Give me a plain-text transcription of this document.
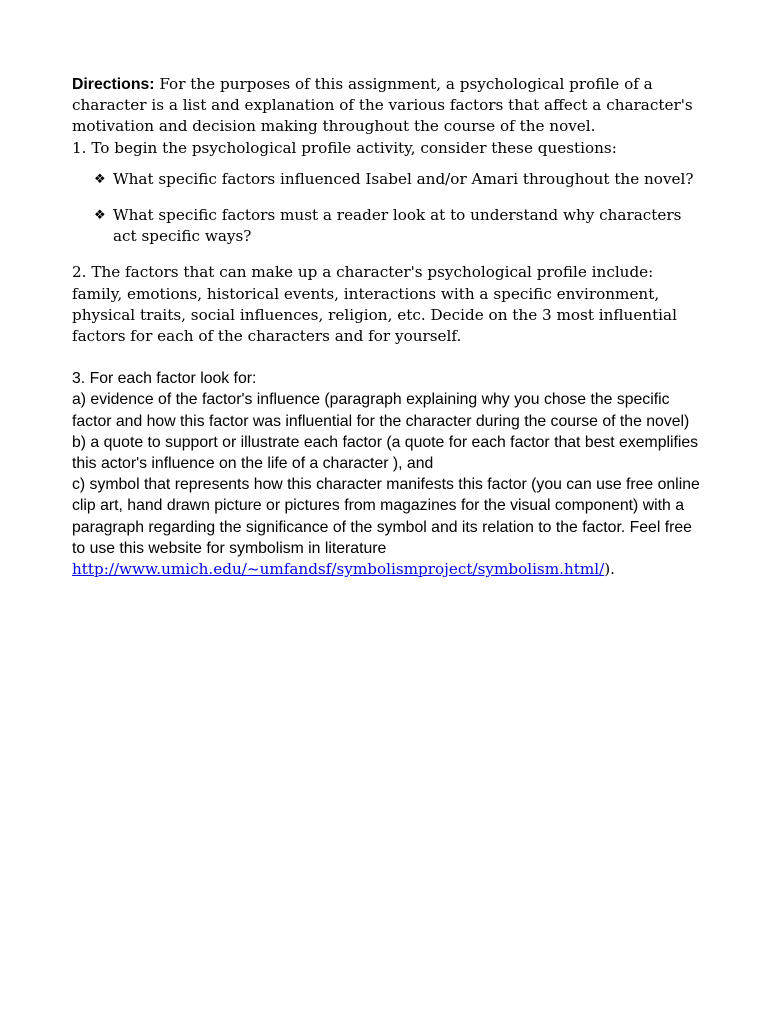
Directions: For the purposes of this assignment, a psychological profile of a character is a list and explanation of the various factors that affect a character's motivation and decision making throughout the course of the novel.

1. To begin the psychological profile activity, consider these questions:

❖ What specific factors influenced Isabel and/or Amari throughout the novel?
❖ What specific factors must a reader look at to understand why characters act specific ways?

2. The factors that can make up a character's psychological profile include: family, emotions, historical events, interactions with a specific environment, physical traits, social influences, religion, etc. Decide on the 3 most influential factors for each of the characters and for yourself.

3. For each factor look for:

a) evidence of the factor's influence (paragraph explaining why you chose the specific factor and how this factor was influential for the character during the course of the novel)

b) a quote to support or illustrate each factor (a quote for each factor that best exemplifies this actor's influence on the life of a character ), and

c) symbol that represents how this character manifests this factor (you can use free online clip art, hand drawn picture or pictures from magazines for the visual component) with a paragraph regarding the significance of the symbol and its relation to the factor. Feel free to use this website for symbolism in literature
http://www.umich.edu/~umfandsf/symbolismproject/symbolism.html/).
